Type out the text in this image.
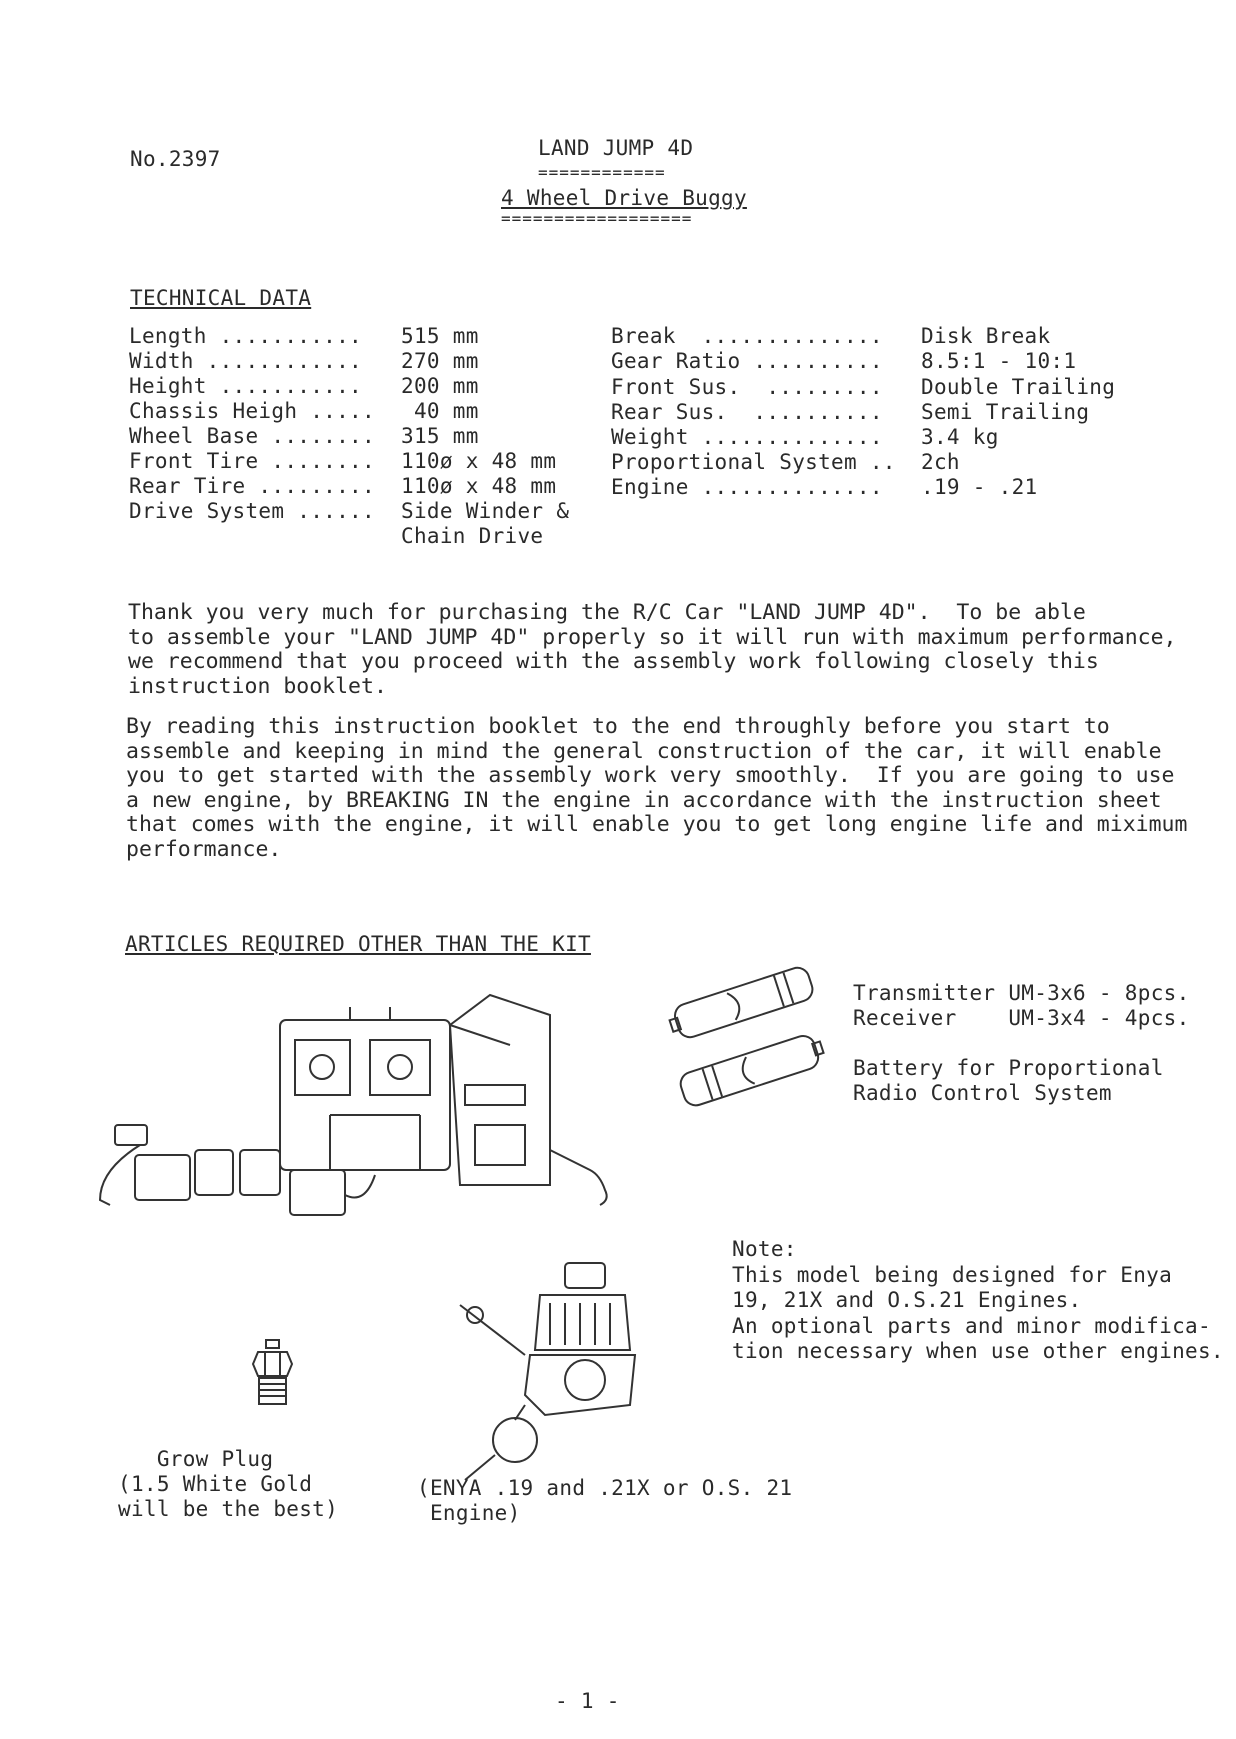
No.2397	LAND JUMP 4D
============
4 Wheel Drive Buggy
==================
TECHNICAL DATA
Length ........... 515 mm
Width ............ 270 mm
Height ........... 200 mm
Chassis Heigh ..... 40 mm
Wheel Base ........ 315 mm
Front Tire ........ 110ø x 48 mm
Rear Tire ......... 110ø x 48 mm
Drive System ...... Side Winder &
Chain Drive
Break  .............. Disk Break
Gear Ratio .......... 8.5:1 - 10:1
Front Sus.  ......... Double Trailing
Rear Sus.  .......... Semi Trailing
Weight .............. 3.4 kg
Proportional System .. 2ch
Engine .............. .19 - .21
Thank you very much for purchasing the R/C Car "LAND JUMP 4D".  To be able
to assemble your "LAND JUMP 4D" properly so it will run with maximum performance,
we recommend that you proceed with the assembly work following closely this
instruction booklet.
By reading this instruction booklet to the end throughly before you start to
assemble and keeping in mind the general construction of the car, it will enable
you to get started with the assembly work very smoothly.  If you are going to use
a new engine, by BREAKING IN the engine in accordance with the instruction sheet
that comes with the engine, it will enable you to get long engine life and miximum
performance.
ARTICLES REQUIRED OTHER THAN THE KIT
Transmitter UM-3x6 - 8pcs.
Receiver    UM-3x4 - 4pcs.
Battery for Proportional
Radio Control System
Note:
This model being designed for Enya
19, 21X and O.S.21 Engines.
An optional parts and minor modifica-
tion necessary when use other engines.
Grow Plug
(1.5 White Gold
will be the best)
(ENYA .19 and .21X or O.S. 21
Engine)
- 1 -
